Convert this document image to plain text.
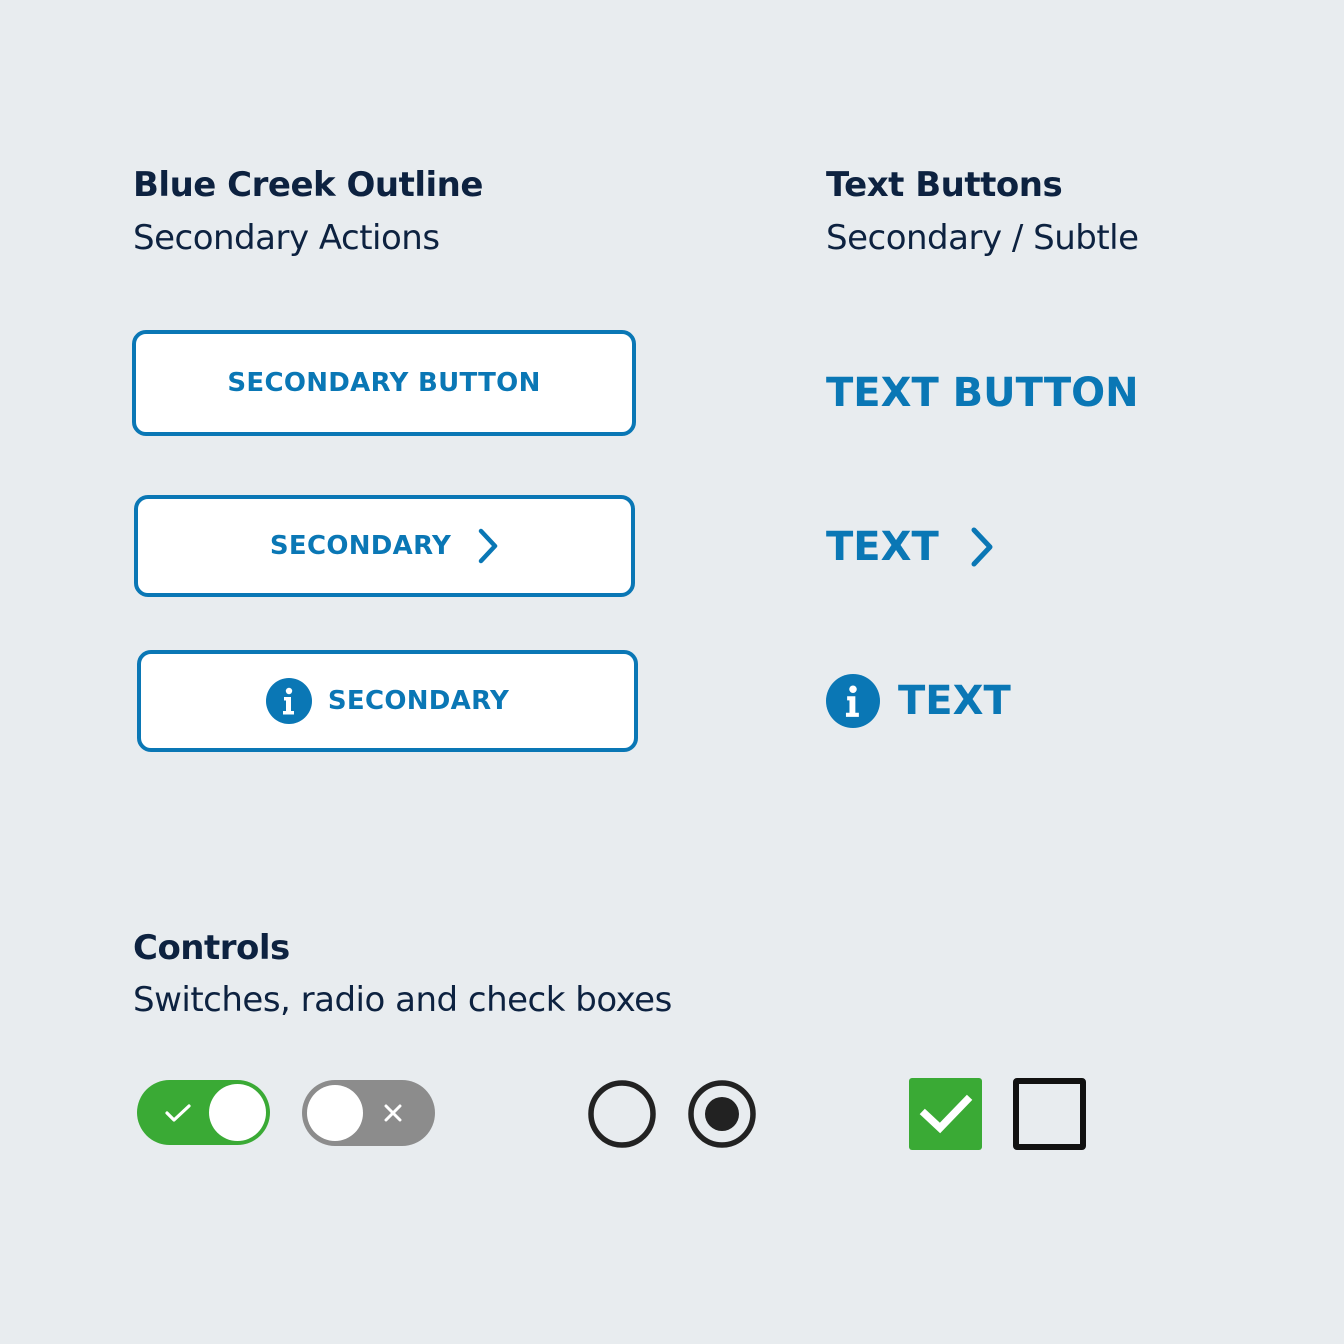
Blue Creek Outline
Secondary Actions
Text Buttons
Secondary / Subtle
SECONDARY BUTTON
SECONDARY
SECONDARY
TEXT BUTTON
TEXT
TEXT
Controls
Switches, radio and check boxes
